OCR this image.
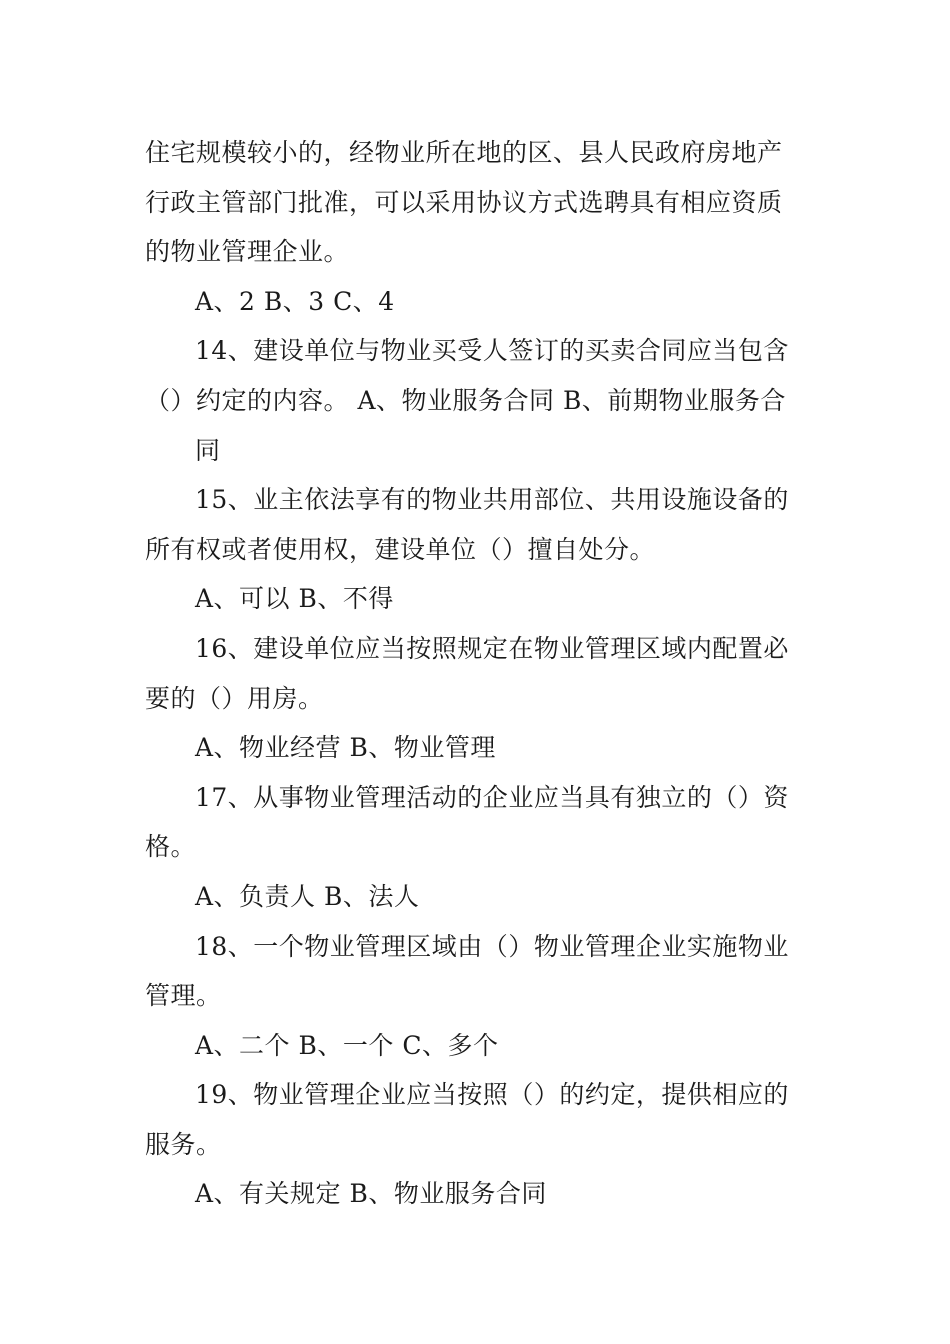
住宅规模较小的，经物业所在地的区、县人民政府房地产行政主管部门批准，可以采用协议方式选聘具有相应资质的物业管理企业。

A、2 B、3 C、4

14、建设单位与物业买受人签订的买卖合同应当包含

（）约定的内容。 A、物业服务合同 B、前期物业服务合

同

15、业主依法享有的物业共用部位、共用设施设备的所有权或者使用权，建设单位（）擅自处分。

A、可以 B、不得

16、建设单位应当按照规定在物业管理区域内配置必要的（）用房。

A、物业经营 B、物业管理

17、从事物业管理活动的企业应当具有独立的（）资格。

A、负责人 B、法人

18、一个物业管理区域由（）物业管理企业实施物业管理。

A、二个 B、一个 C、多个

19、物业管理企业应当按照（）的约定，提供相应的服务。

A、有关规定 B、物业服务合同
